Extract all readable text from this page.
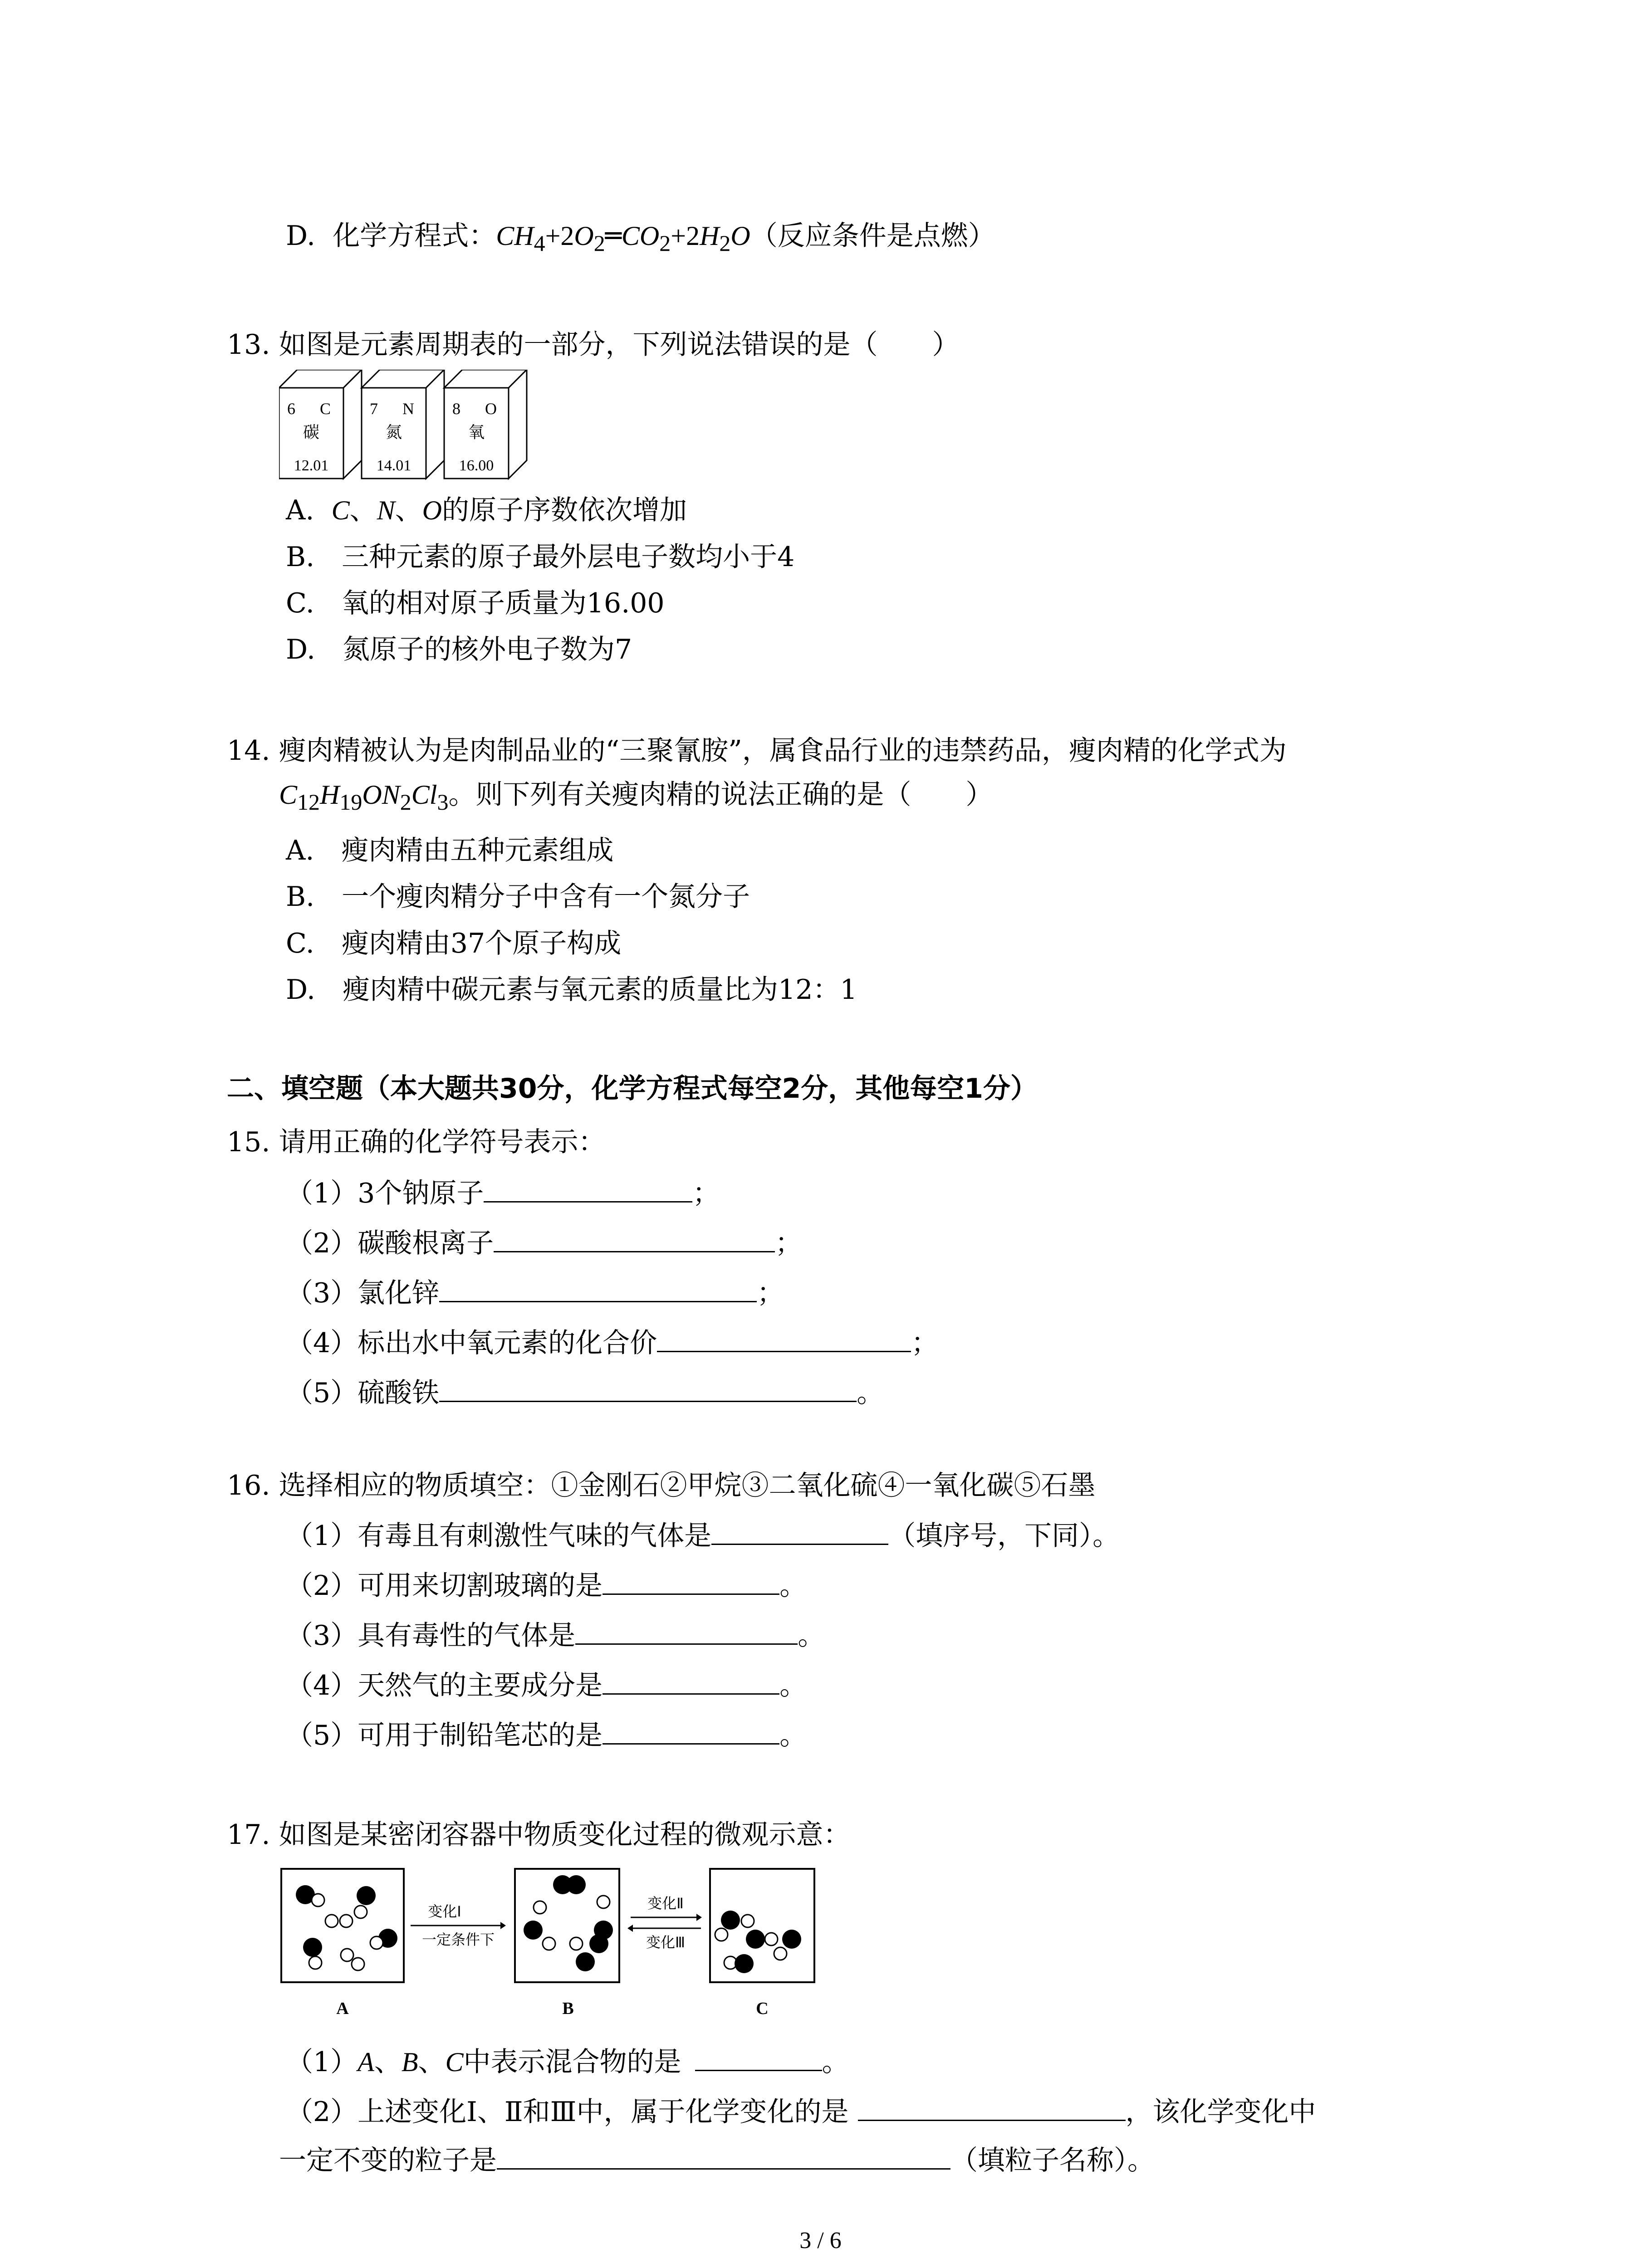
D. 化学方程式：$CH_4+2O_2═CO_2+2H_2O$（反应条件是点燃）
13. 如图是元素周期表的一部分，下列说法错误的是（　　）
6 C
碳
12.01
7 N
氮
14.01
8 O
氧
16.00
A. C、N、O的原子序数依次增加
B.　三种元素的原子最外层电子数均小于4
C.　氧的相对原子质量为16.00
D.　氮原子的核外电子数为7
14. 瘦肉精被认为是肉制品业的“三聚氰胺”，属食品行业的违禁药品，瘦肉精的化学式为
$C_{12}H_{19}ON_2Cl_3$。则下列有关瘦肉精的说法正确的是（　　）
A.　瘦肉精由五种元素组成
B.　一个瘦肉精分子中含有一个氮分子
C.　瘦肉精由37个原子构成
D.　瘦肉精中碳元素与氧元素的质量比为12：1
二、填空题（本大题共30分，化学方程式每空2分，其他每空1分）
15. 请用正确的化学符号表示：
（1）3个钠原子	；
（2）碳酸根离子	；
（3）氯化锌	；
（4）标出水中氧元素的化合价	；
（5）硫酸铁	。
16. 选择相应的物质填空：①金刚石②甲烷③二氧化硫④一氧化碳⑤石墨
（1）有毒且有刺激性气味的气体是	（填序号，下同）。
（2）可用来切割玻璃的是	。
（3）具有毒性的气体是	。
（4）天然气的主要成分是	。
（5）可用于制铅笔芯的是	。
17. 如图是某密闭容器中物质变化过程的微观示意：
A
变化Ⅰ
一定条件下
B
变化Ⅱ
变化Ⅲ
C
（1）A、B、C中表示混合物的是	。
（2）上述变化Ⅰ、Ⅱ和Ⅲ中，属于化学变化的是	，该化学变化中
一定不变的粒子是	（填粒子名称）。
3 / 6
